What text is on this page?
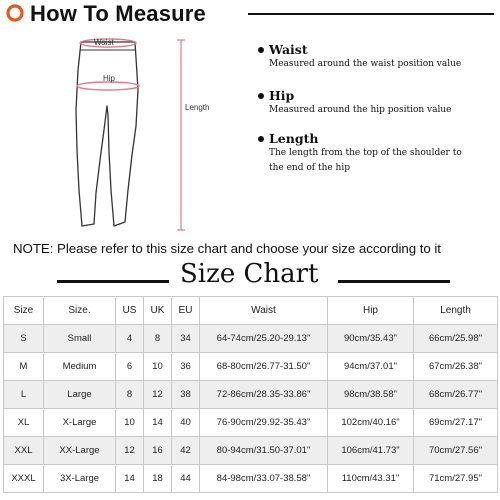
How To Measure
Waist
Hip
Length
Waist
Measured around the waist position value
Hip
Measured around the hip position value
Length
The length from the top of the shoulder to
the end of the hip
NOTE: Please refer to this size chart and choose your size according to it
Size Chart
Size	Size.	US	UK	EU	Waist	Hip	Length
S	Small	4	8	34	64-74cm/25.20-29.13"	90cm/35.43"	66cm/25.98"
M	Medium	6	10	36	68-80cm/26.77-31.50"	94cm/37.01"	67cm/26.38"
L	Large	8	12	38	72-86cm/28.35-33.86"	98cm/38.58"	68cm/26.77"
XL	X-Large	10	14	40	76-90cm/29.92-35.43"	102cm/40.16"	69cm/27.17"
XXL	XX-Large	12	16	42	80-94cm/31.50-37.01"	106cm/41.73"	70cm/27.56"
XXXL	3X-Large	14	18	44	84-98cm/33.07-38.58"	110cm/43.31"	71cm/27.95"
